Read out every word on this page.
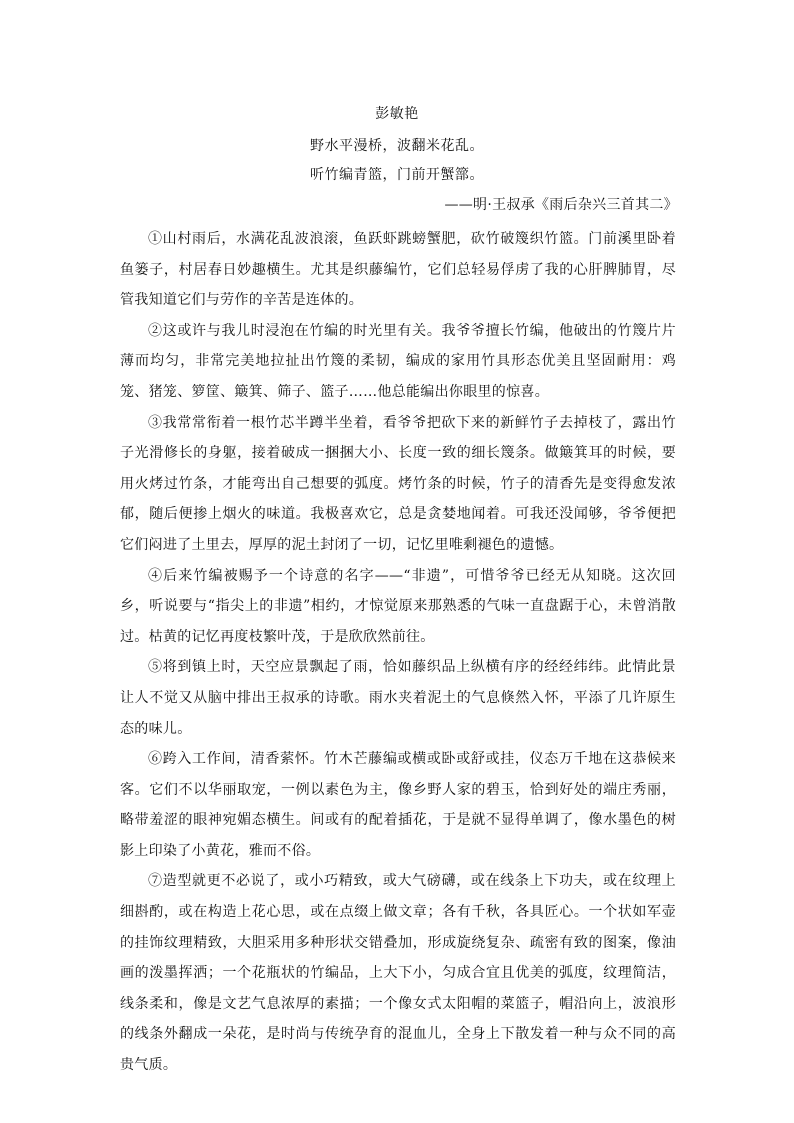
彭敏艳
野水平漫桥，波翻米花乱。
听竹编青篮，门前开蟹篰。
——明·王叔承《雨后杂兴三首其二》

①山村雨后，水满花乱波浪滚，鱼跃虾跳螃蟹肥，砍竹破篾织竹篮。门前溪里卧着鱼篓子，村居春日妙趣横生。尤其是织藤编竹，它们总轻易俘虏了我的心肝脾肺胃，尽管我知道它们与劳作的辛苦是连体的。

②这或许与我儿时浸泡在竹编的时光里有关。我爷爷擅长竹编，他破出的竹篾片片薄而均匀，非常完美地拉扯出竹篾的柔韧，编成的家用竹具形态优美且坚固耐用：鸡笼、猪笼、箩筐、簸箕、筛子、篮子……他总能编出你眼里的惊喜。

③我常常衔着一根竹芯半蹲半坐着，看爷爷把砍下来的新鲜竹子去掉枝了，露出竹子光滑修长的身躯，接着破成一捆捆大小、长度一致的细长篾条。做簸箕耳的时候，要用火烤过竹条，才能弯出自己想要的弧度。烤竹条的时候，竹子的清香先是变得愈发浓郁，随后便掺上烟火的味道。我极喜欢它，总是贪婪地闻着。可我还没闻够，爷爷便把它们闷进了土里去，厚厚的泥土封闭了一切，记忆里唯剩褪色的遗憾。

④后来竹编被赐予一个诗意的名字——“非遗”，可惜爷爷已经无从知晓。这次回乡，听说要与“指尖上的非遗”相约，才惊觉原来那熟悉的气味一直盘踞于心，未曾消散过。枯黄的记忆再度枝繁叶茂，于是欣欣然前往。

⑤将到镇上时，天空应景飘起了雨，恰如藤织品上纵横有序的经经纬纬。此情此景让人不觉又从脑中排出王叔承的诗歌。雨水夹着泥土的气息倏然入怀，平添了几许原生态的味儿。

⑥跨入工作间，清香萦怀。竹木芒藤编或横或卧或舒或挂，仪态万千地在这恭候来客。它们不以华丽取宠，一例以素色为主，像乡野人家的碧玉，恰到好处的端庄秀丽，略带羞涩的眼神宛媚态横生。间或有的配着插花，于是就不显得单调了，像水墨色的树影上印染了小黄花，雅而不俗。

⑦造型就更不必说了，或小巧精致，或大气磅礴，或在线条上下功夫，或在纹理上细斟酌，或在构造上花心思，或在点缀上做文章；各有千秋，各具匠心。一个状如军壶的挂饰纹理精致，大胆采用多种形状交错叠加，形成旋绕复杂、疏密有致的图案，像油画的泼墨挥洒；一个花瓶状的竹编品，上大下小，匀成合宜且优美的弧度，纹理简洁，线条柔和，像是文艺气息浓厚的素描；一个像女式太阳帽的菜篮子，帽沿向上，波浪形的线条外翻成一朵花，是时尚与传统孕育的混血儿，全身上下散发着一种与众不同的高贵气质。
